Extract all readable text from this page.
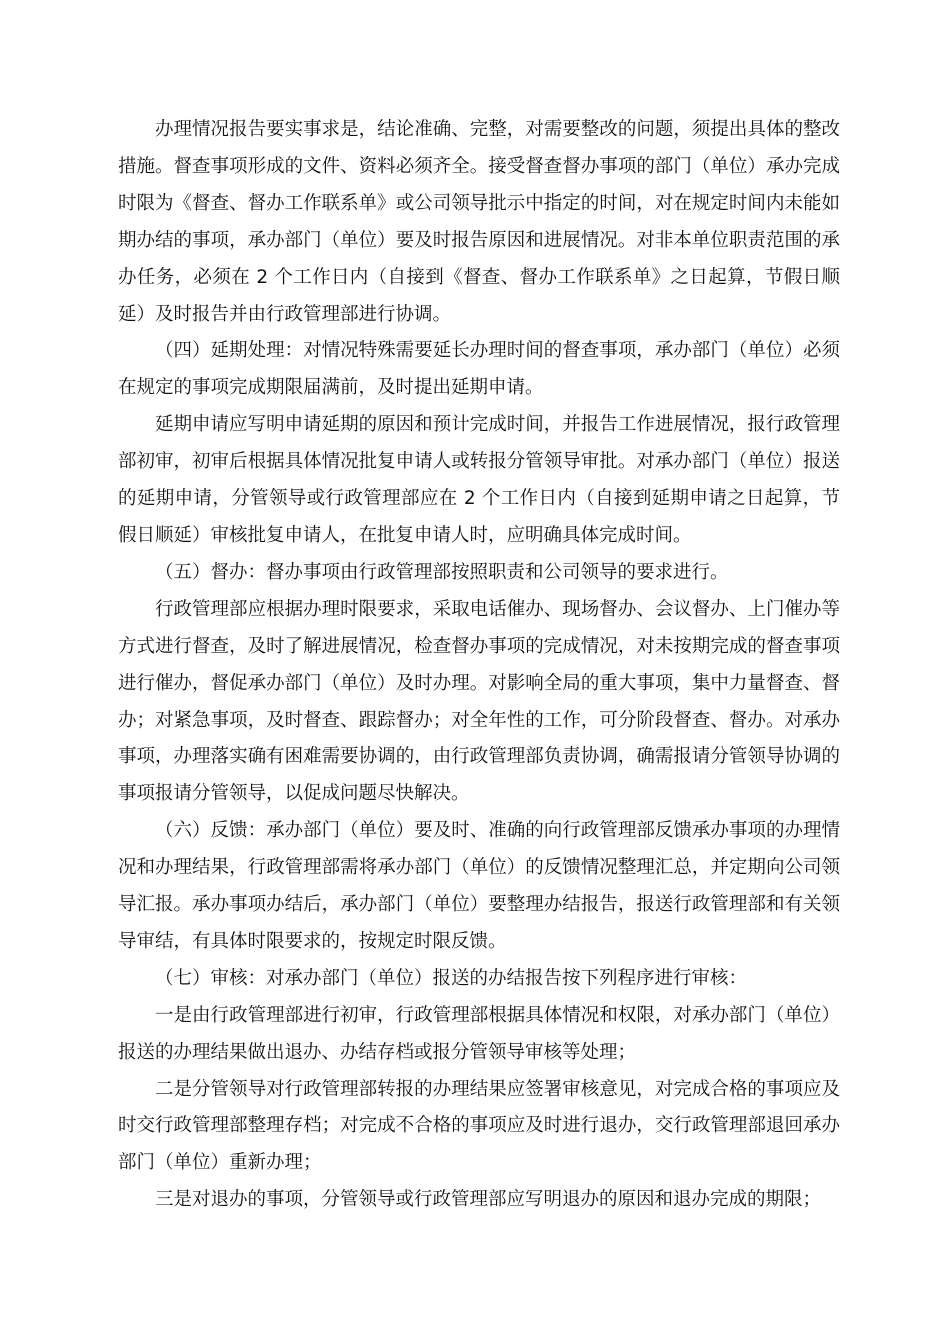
办理情况报告要实事求是，结论准确、完整，对需要整改的问题，须提出具体的整改措施。督查事项形成的文件、资料必须齐全。接受督查督办事项的部门（单位）承办完成时限为《督查、督办工作联系单》或公司领导批示中指定的时间，对在规定时间内未能如期办结的事项，承办部门（单位）要及时报告原因和进展情况。对非本单位职责范围的承办任务，必须在 2 个工作日内（自接到《督查、督办工作联系单》之日起算，节假日顺延）及时报告并由行政管理部进行协调。

（四）延期处理：对情况特殊需要延长办理时间的督查事项，承办部门（单位）必须在规定的事项完成期限届满前，及时提出延期申请。

延期申请应写明申请延期的原因和预计完成时间，并报告工作进展情况，报行政管理部初审，初审后根据具体情况批复申请人或转报分管领导审批。对承办部门（单位）报送的延期申请，分管领导或行政管理部应在 2 个工作日内（自接到延期申请之日起算，节假日顺延）审核批复申请人，在批复申请人时，应明确具体完成时间。

（五）督办：督办事项由行政管理部按照职责和公司领导的要求进行。

行政管理部应根据办理时限要求，采取电话催办、现场督办、会议督办、上门催办等方式进行督查，及时了解进展情况，检查督办事项的完成情况，对未按期完成的督查事项进行催办，督促承办部门（单位）及时办理。对影响全局的重大事项，集中力量督查、督办；对紧急事项，及时督查、跟踪督办；对全年性的工作，可分阶段督查、督办。对承办事项，办理落实确有困难需要协调的，由行政管理部负责协调，确需报请分管领导协调的事项报请分管领导，以促成问题尽快解决。

（六）反馈：承办部门（单位）要及时、准确的向行政管理部反馈承办事项的办理情况和办理结果，行政管理部需将承办部门（单位）的反馈情况整理汇总，并定期向公司领导汇报。承办事项办结后，承办部门（单位）要整理办结报告，报送行政管理部和有关领导审结，有具体时限要求的，按规定时限反馈。

（七）审核：对承办部门（单位）报送的办结报告按下列程序进行审核：

一是由行政管理部进行初审，行政管理部根据具体情况和权限，对承办部门（单位）报送的办理结果做出退办、办结存档或报分管领导审核等处理；

二是分管领导对行政管理部转报的办理结果应签署审核意见，对完成合格的事项应及时交行政管理部整理存档；对完成不合格的事项应及时进行退办，交行政管理部退回承办部门（单位）重新办理；

三是对退办的事项，分管领导或行政管理部应写明退办的原因和退办完成的期限；
